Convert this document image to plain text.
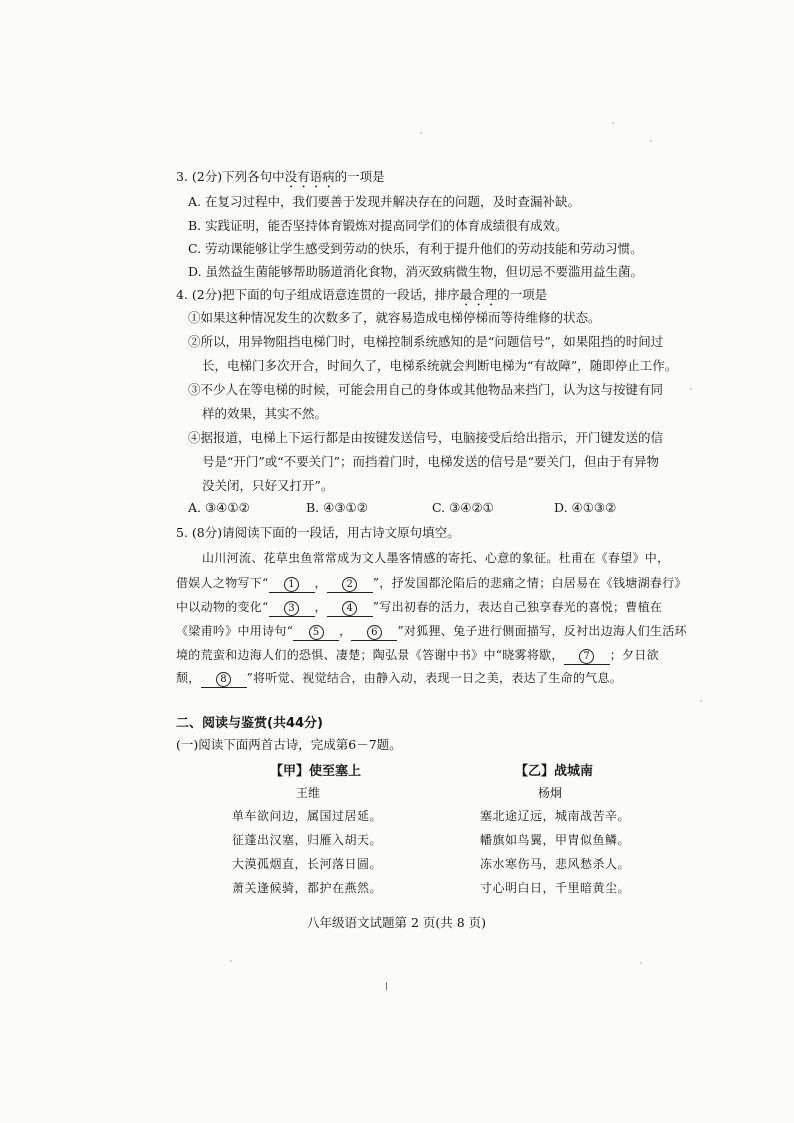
3. (2分)下列各句中没有语病的一项是
A. 在复习过程中，我们要善于发现并解决存在的问题，及时查漏补缺。
B. 实践证明，能否坚持体育锻炼对提高同学们的体育成绩很有成效。
C. 劳动课能够让学生感受到劳动的快乐，有利于提升他们的劳动技能和劳动习惯。
D. 虽然益生菌能够帮助肠道消化食物，消灭致病微生物，但切忌不要滥用益生菌。
4. (2分)把下面的句子组成语意连贯的一段话，排序最合理的一项是
①如果这种情况发生的次数多了，就容易造成电梯停梯而等待维修的状态。
②所以，用异物阻挡电梯门时，电梯控制系统感知的是“问题信号”，如果阻挡的时间过
长，电梯门多次开合，时间久了，电梯系统就会判断电梯为“有故障”，随即停止工作。
③不少人在等电梯的时候，可能会用自己的身体或其他物品来挡门，认为这与按键有同
样的效果，其实不然。
④据报道，电梯上下运行都是由按键发送信号，电脑接受后给出指示，开门键发送的信
号是“开门”或“不要关门”；而挡着门时，电梯发送的信号是“要关门，但由于有异物
没关闭，只好又打开”。
A. ③④①②	B. ④③①②	C. ③④②①	D. ④①③②
5. (8分)请阅读下面的一段话，用古诗文原句填空。
山川河流、花草虫鱼常常成为文人墨客情感的寄托、心意的象征。杜甫在《春望》中，
借娱人之物写下“ 1 ， 2 ”，抒发国都沦陷后的悲痛之情；白居易在《钱塘湖春行》
中以动物的变化“ 3 ， 4 ”写出初春的活力，表达自己独享春光的喜悦；曹植在
《梁甫吟》中用诗句“ 5 ， 6 ”对狐狸、兔子进行侧面描写，反衬出边海人们生活环
境的荒蛮和边海人们的恐惧、凄楚；陶弘景《答谢中书》中“晓雾将歇， 7 ；夕日欲
颓， 8 ”将听觉、视觉结合，由静入动，表现一日之美，表达了生命的气息。
二、阅读与鉴赏(共44分)
(一)阅读下面两首古诗，完成第6－7题。
【甲】使至塞上
王维
单车欲问边，属国过居延。
征蓬出汉塞，归雁入胡天。
大漠孤烟直，长河落日圆。
萧关逢候骑，都护在燕然。
【乙】战城南
杨炯
塞北途辽远，城南战苦辛。
幡旗如鸟翼，甲胄似鱼鳞。
冻水寒伤马，悲风愁杀人。
寸心明白日，千里暗黄尘。
八年级语文试题第 2 页(共 8 页)
